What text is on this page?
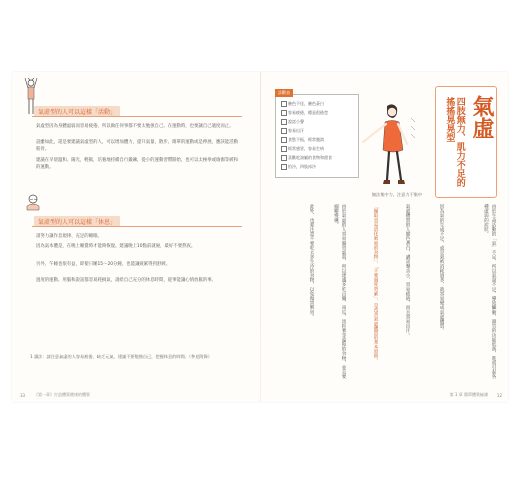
氣虛型的人可以這樣「活動」
氣虛型因為身體虛弱而容易疲倦，所以做任何事都不要太勉強自己。在運動時，也要讓自己適度而止。
話雖如此，還是要建議氣虛型的人，可以增加體力，提升氣量，散步、簡單的運動或是伸展，應該能活動筋骨。
建議在早晨溫和、陽光，輕鬆，培養地持續自行鍛鍊，從小的運動習慣開始，也可以太極拳或瑜伽等緩和的運動。
氣虛型的人可以這樣「休息」
請努力讓作息規律、充足的睡眠。
因為氣本體是，在晚上睡覺時才能夠恢復。建議晚上10點前就寢，最好不要熬夜。
另外，午睡也很有益，即使只睡15～20分鐘，也能讓疲累得到舒緩。
過度的運動、用腦和說話都容易耗損氣，請給自己充分的休息時間，從事能讓心情放鬆的事。
1 讀法：請注意氣虛的人容易疲倦、缺乏元氣，建議不要勉強自己，把握休息的時間。（參見附錄）
33 《第一章》打造體質健康的體質
診斷表
臉色不佳，臉色蒼白
容易疲倦，總是很倦怠
說話小聲
容易出汗
食慾不振，經常腹瀉
經常感冒，容易生病
喜歡吃油膩的食物和甜食
怕冷，四肢冰冷
無法集中力，注意力不集中
氣虛
四肢無力、肌力不足的搖搖晃晃型
由於生命活動的「氣」不足，所以氣量不足，導致臟腑、器官的功能低落，進而引起各種虛弱的症狀。
因為氣的生成不足，或是氣被消耗過多，就容易變成氣虛體質。
氣虛體質的人臉色蒼白，講話聲音小，容易疲倦，而且容易出汗。
「攝取容易消化吸收的食物」、「不要過度勞累」，是改善氣虛體質的基本原則。
由於氣虛的人容易腸胃虛弱，所以建議多吃山藥、南瓜、馬鈴薯等溫和的食物，並且要細嚼慢嚥。
此外，也要注意不要吃太多生冷的食物，以免傷害脾胃。
第 1 章 簡單體質檢測 12
